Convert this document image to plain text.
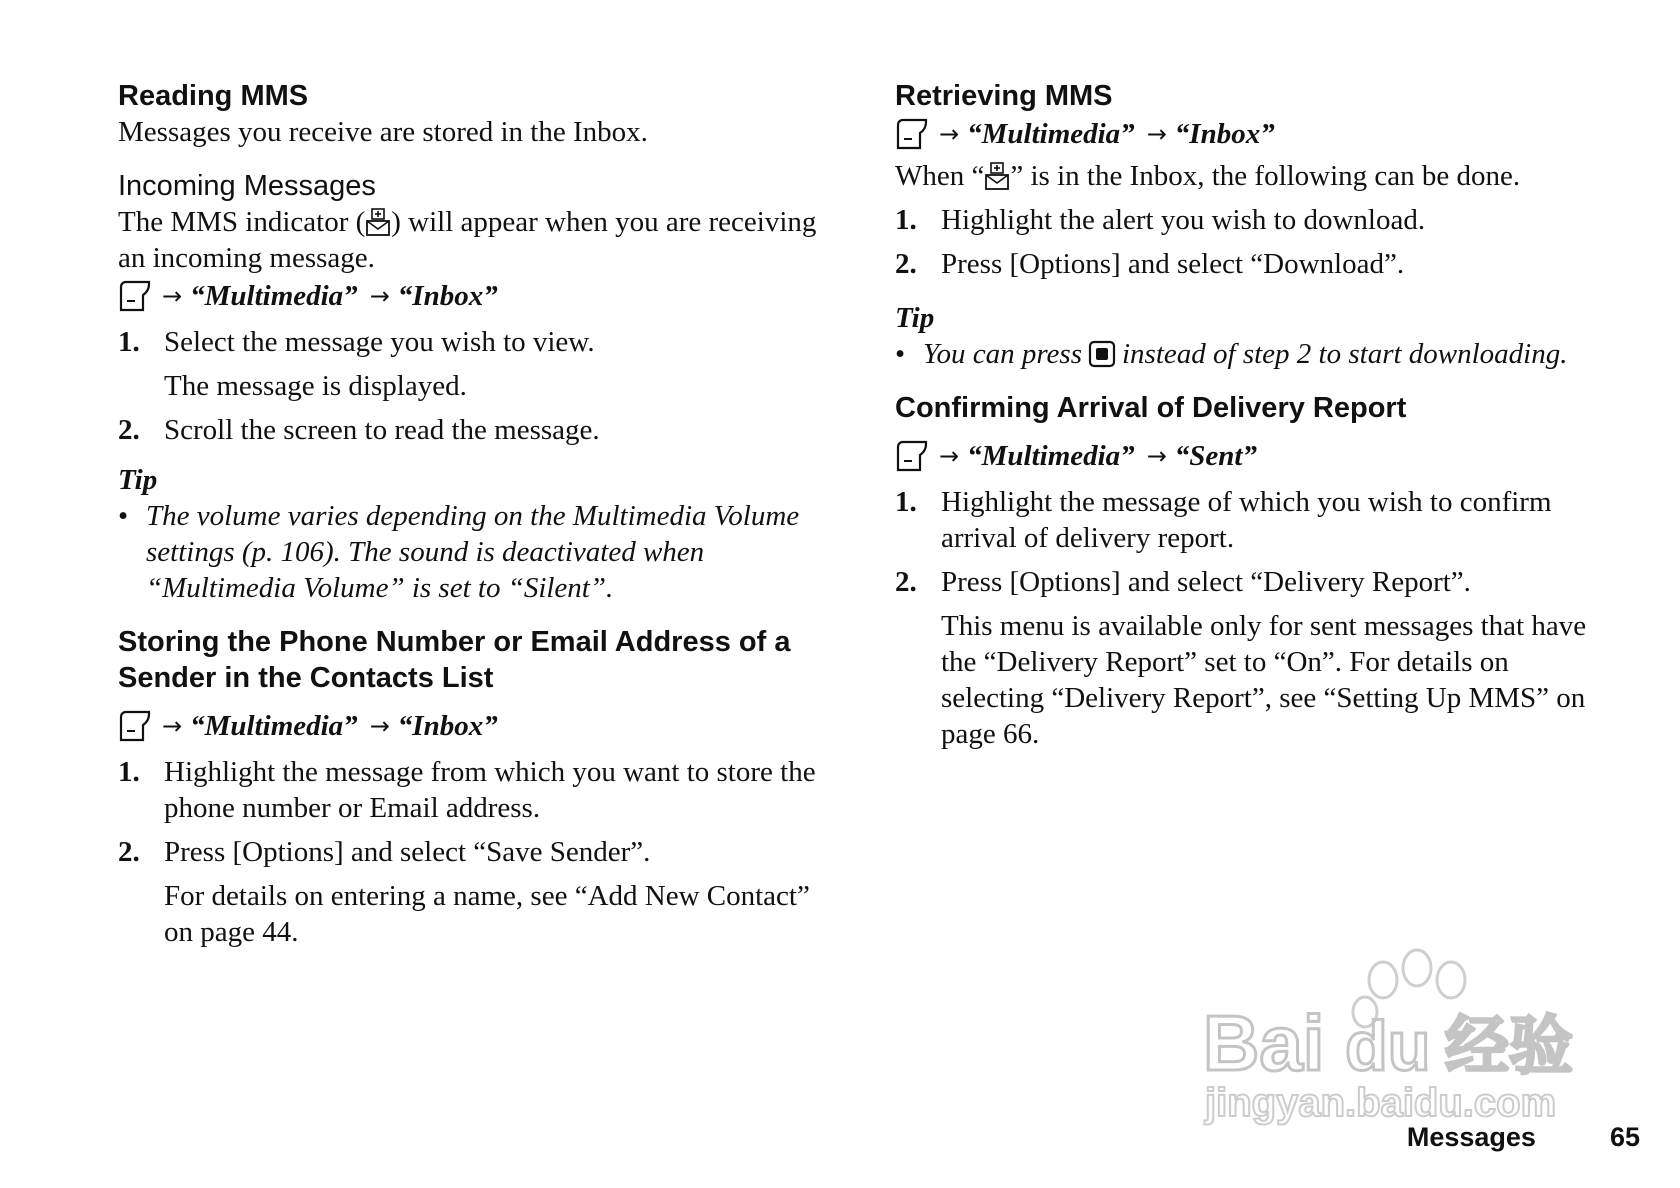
Reading MMS

Messages you receive are stored in the Inbox.

Incoming Messages

The MMS indicator ( ) will appear when you are receiving an incoming message.

→ “Multimedia” → “Inbox”
1. Select the message you wish to view.
The message is displayed.
2. Scroll the screen to read the message.
Tip
• The volume varies depending on the Multimedia Volume settings (p. 106). The sound is deactivated when “Multimedia Volume” is set to “Silent”.
Storing the Phone Number or Email Address of a Sender in the Contacts List
→ “Multimedia” → “Inbox”
1. Highlight the message from which you want to store the phone number or Email address.
2. Press [Options] and select “Save Sender”.
For details on entering a name, see “Add New Contact” on page 44.
Retrieving MMS
→ “Multimedia” → “Inbox”

When “ ” is in the Inbox, the following can be done.

1. Highlight the alert you wish to download.
2. Press [Options] and select “Download”.
Tip
• You can press instead of step 2 to start downloading.
Confirming Arrival of Delivery Report
→ “Multimedia” → “Sent”
1. Highlight the message of which you wish to confirm arrival of delivery report.
2. Press [Options] and select “Delivery Report”.
This menu is available only for sent messages that have the “Delivery Report” set to “On”. For details on selecting “Delivery Report”, see “Setting Up MMS” on page 66.
Bai du 经验
jingyan.baidu.com
Messages	65
